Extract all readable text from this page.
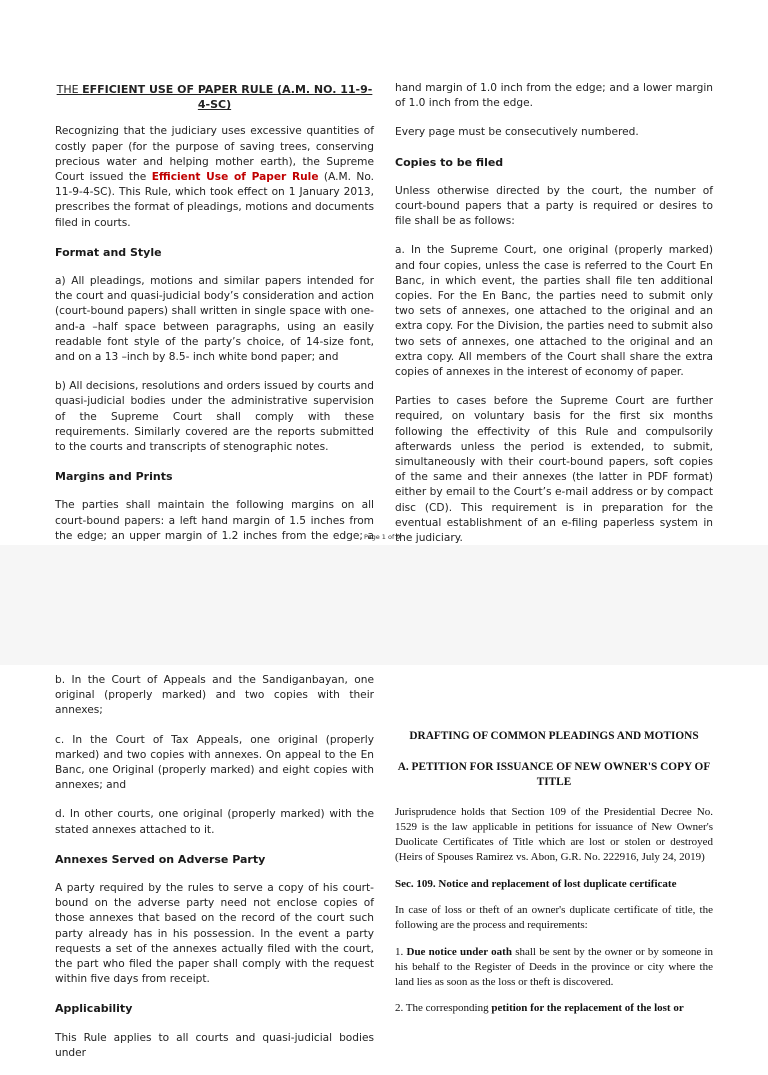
THE EFFICIENT USE OF PAPER RULE (A.M. NO. 11-9-4-SC)

Recognizing that the judiciary uses excessive quantities of costly paper (for the purpose of saving trees, conserving precious water and helping mother earth), the Supreme Court issued the Efficient Use of Paper Rule (A.M. No. 11-9-4-SC). This Rule, which took effect on 1 January 2013, prescribes the format of pleadings, motions and documents filed in courts.

Format and Style

a) All pleadings, motions and similar papers intended for the court and quasi-judicial body’s consideration and action (court-bound papers) shall written in single space with one-and-a –half space between paragraphs, using an easily readable font style of the party’s choice, of 14-size font, and on a 13 –inch by 8.5- inch white bond paper; and

b) All decisions, resolutions and orders issued by courts and quasi-judicial bodies under the administrative supervision of the Supreme Court shall comply with these requirements. Similarly covered are the reports submitted to the courts and transcripts of stenographic notes.

Margins and Prints

The parties shall maintain the following margins on all court-bound papers: a left hand margin of 1.5 inches from the edge; an upper margin of 1.2 inches from the edge; a

hand margin of 1.0 inch from the edge; and a lower margin of 1.0 inch from the edge.

Every page must be consecutively numbered.

Copies to be filed

Unless otherwise directed by the court, the number of court-bound papers that a party is required or desires to file shall be as follows:

a. In the Supreme Court, one original (properly marked) and four copies, unless the case is referred to the Court En Banc, in which event, the parties shall file ten additional copies. For the En Banc, the parties need to submit only two sets of annexes, one attached to the original and an extra copy. For the Division, the parties need to submit also two sets of annexes, one attached to the original and an extra copy. All members of the Court shall share the extra copies of annexes in the interest of economy of paper.

Parties to cases before the Supreme Court are further required, on voluntary basis for the first six months following the effectivity of this Rule and compulsorily afterwards unless the period is extended, to submit, simultaneously with their court-bound papers, soft copies of the same and their annexes (the latter in PDF format) either by email to the Court’s e-mail address or by compact disc (CD). This requirement is in preparation for the eventual establishment of an e-filing paperless system in the judiciary.

Page 1 of 9

b. In the Court of Appeals and the Sandiganbayan, one original (properly marked) and two copies with their annexes;

c. In the Court of Tax Appeals, one original (properly marked) and two copies with annexes. On appeal to the En Banc, one Original (properly marked) and eight copies with annexes; and

d. In other courts, one original (properly marked) with the stated annexes attached to it.

Annexes Served on Adverse Party

A party required by the rules to serve a copy of his court-bound on the adverse party need not enclose copies of those annexes that based on the record of the court such party already has in his possession. In the event a party requests a set of the annexes actually filed with the court, the part who filed the paper shall comply with the request within five days from receipt.

Applicability

This Rule applies to all courts and quasi-judicial bodies under

DRAFTING OF COMMON PLEADINGS AND MOTIONS
A. PETITION FOR ISSUANCE OF NEW OWNER'S COPY OF TITLE

Jurisprudence holds that Section 109 of the Presidential Decree No. 1529 is the law applicable in petitions for issuance of New Owner's Duolicate Certificates of Title which are lost or stolen or destroyed (Heirs of Spouses Ramirez vs. Abon, G.R. No. 222916, July 24, 2019)

Sec. 109. Notice and replacement of lost duplicate certificate

In case of loss or theft of an owner's duplicate certificate of title, the following are the process and requirements:

1. Due notice under oath shall be sent by the owner or by someone in his behalf to the Register of Deeds in the province or city where the land lies as soon as the loss or theft is discovered.

2. The corresponding petition for the replacement of the lost or
